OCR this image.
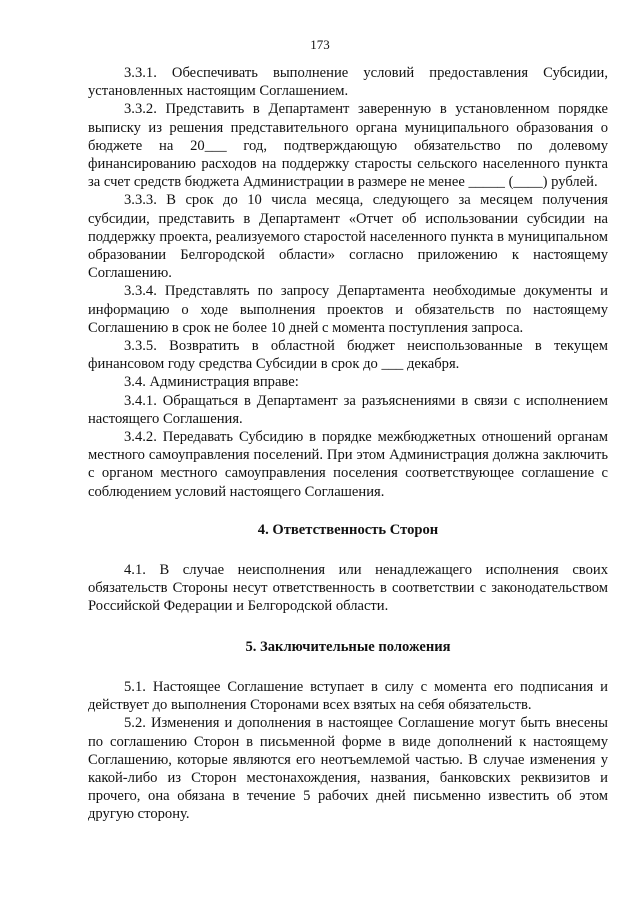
173

3.3.1. Обеспечивать выполнение условий предоставления Субсидии, установленных настоящим Соглашением.

3.3.2. Представить в Департамент заверенную в установленном порядке выписку из решения представительного органа муниципального образования о бюджете на 20___ год, подтверждающую обязательство по долевому финансированию расходов на поддержку старосты сельского населенного пункта за счет средств бюджета Администрации в размере не менее _____ (____) рублей.

3.3.3. В срок до 10 числа месяца, следующего за месяцем получения субсидии, представить в Департамент «Отчет об использовании субсидии на поддержку проекта, реализуемого старостой населенного пункта в муниципальном образовании Белгородской области» согласно приложению к настоящему Соглашению.

3.3.4. Представлять по запросу Департамента необходимые документы и информацию о ходе выполнения проектов и обязательств по настоящему Соглашению в срок не более 10 дней с момента поступления запроса.

3.3.5. Возвратить в областной бюджет неиспользованные в текущем финансовом году средства Субсидии в срок до ___ декабря.

3.4. Администрация вправе:

3.4.1. Обращаться в Департамент за разъяснениями в связи с исполнением настоящего Соглашения.

3.4.2. Передавать Субсидию в порядке межбюджетных отношений органам местного самоуправления поселений. При этом Администрация должна заключить с органом местного самоуправления поселения соответствующее соглашение с соблюдением условий настоящего Соглашения.

4. Ответственность Сторон

4.1. В случае неисполнения или ненадлежащего исполнения своих обязательств Стороны несут ответственность в соответствии с законодательством Российской Федерации и Белгородской области.

5. Заключительные положения

5.1. Настоящее Соглашение вступает в силу с момента его подписания и действует до выполнения Сторонами всех взятых на себя обязательств.

5.2. Изменения и дополнения в настоящее Соглашение могут быть внесены по соглашению Сторон в письменной форме в виде дополнений к настоящему Соглашению, которые являются его неотъемлемой частью. В случае изменения у какой-либо из Сторон местонахождения, названия, банковских реквизитов и прочего, она обязана в течение 5 рабочих дней письменно известить об этом другую сторону.
